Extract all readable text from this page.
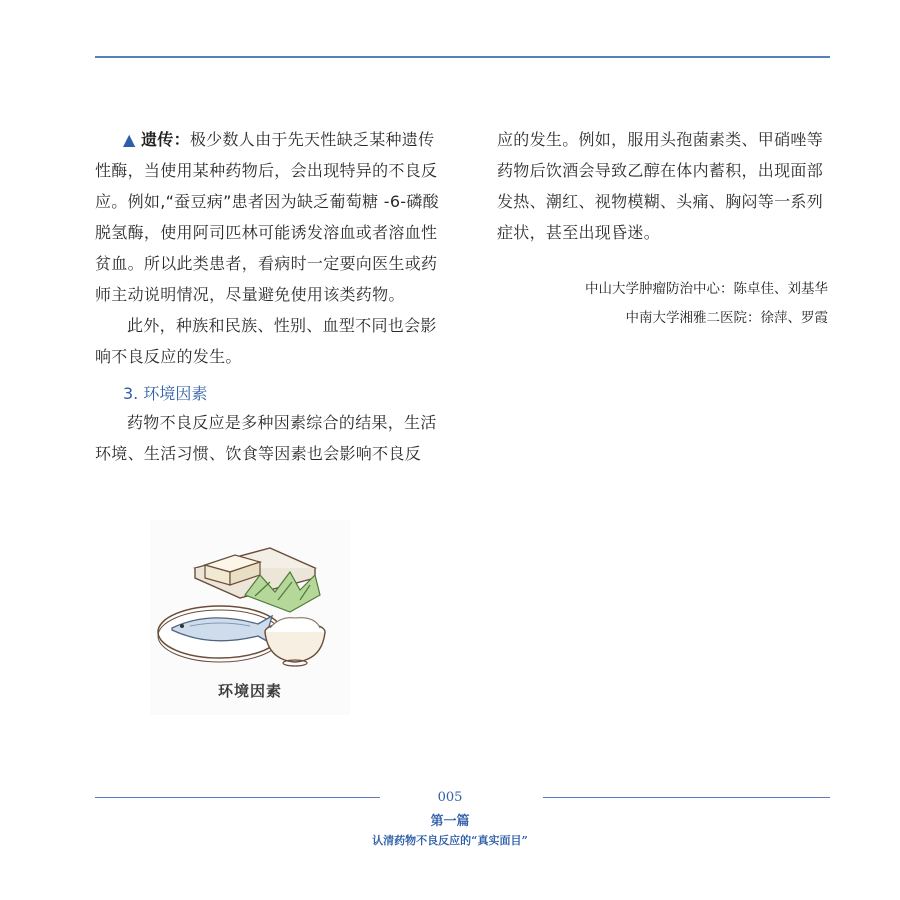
▲ 遗传：极少数人由于先天性缺乏某种遗传性酶，当使用某种药物后，会出现特异的不良反应。例如,“蚕豆病”患者因为缺乏葡萄糖 -6-磷酸脱氢酶，使用阿司匹林可能诱发溶血或者溶血性贫血。所以此类患者，看病时一定要向医生或药师主动说明情况，尽量避免使用该类药物。

此外，种族和民族、性别、血型不同也会影响不良反应的发生。

3. 环境因素

药物不良反应是多种因素综合的结果，生活环境、生活习惯、饮食等因素也会影响不良反

应的发生。例如，服用头孢菌素类、甲硝唑等药物后饮酒会导致乙醇在体内蓄积，出现面部发热、潮红、视物模糊、头痛、胸闷等一系列症状，甚至出现昏迷。

中山大学肿瘤防治中心：陈卓佳、刘基华
中南大学湘雅二医院：徐萍、罗霞
环境因素
005
第一篇
认清药物不良反应的“真实面目”
